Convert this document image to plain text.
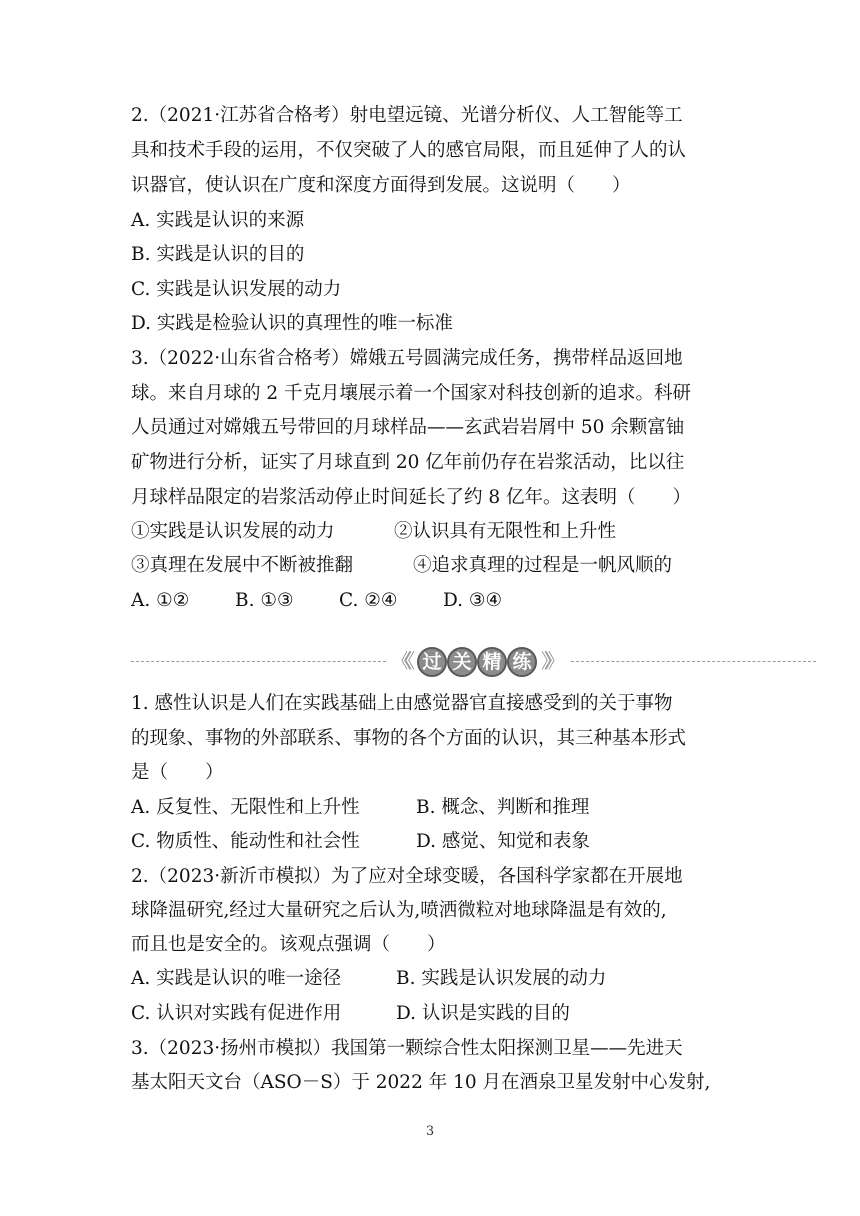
2.（2021·江苏省合格考）射电望远镜、光谱分析仪、人工智能等工
具和技术手段的运用，不仅突破了人的感官局限，而且延伸了人的认
识器官，使认识在广度和深度方面得到发展。这说明（　　）
A. 实践是认识的来源
B. 实践是认识的目的
C. 实践是认识发展的动力
D. 实践是检验认识的真理性的唯一标准
3.（2022·山东省合格考）嫦娥五号圆满完成任务，携带样品返回地
球。来自月球的 2 千克月壤展示着一个国家对科技创新的追求。科研
人员通过对嫦娥五号带回的月球样品——玄武岩岩屑中 50 余颗富铀
矿物进行分析，证实了月球直到 20 亿年前仍存在岩浆活动，比以往
月球样品限定的岩浆活动停止时间延长了约 8 亿年。这表明（　　）
①实践是认识发展的动力	②认识具有无限性和上升性
③真理在发展中不断被推翻	④追求真理的过程是一帆风顺的
A. ①② B. ①③ C. ②④ D. ③④
《《 过 关 精 练 》》
1. 感性认识是人们在实践基础上由感觉器官直接感受到的关于事物
的现象、事物的外部联系、事物的各个方面的认识，其三种基本形式
是（　　）
A. 反复性、无限性和上升性	B. 概念、判断和推理
C. 物质性、能动性和社会性	D. 感觉、知觉和表象
2.（2023·新沂市模拟）为了应对全球变暖，各国科学家都在开展地
球降温研究,经过大量研究之后认为,喷洒微粒对地球降温是有效的,
而且也是安全的。该观点强调（　　）
A. 实践是认识的唯一途径	B. 实践是认识发展的动力
C. 认识对实践有促进作用	D. 认识是实践的目的
3.（2023·扬州市模拟）我国第一颗综合性太阳探测卫星——先进天
基太阳天文台（ASO－S）于 2022 年 10 月在酒泉卫星发射中心发射,
3
